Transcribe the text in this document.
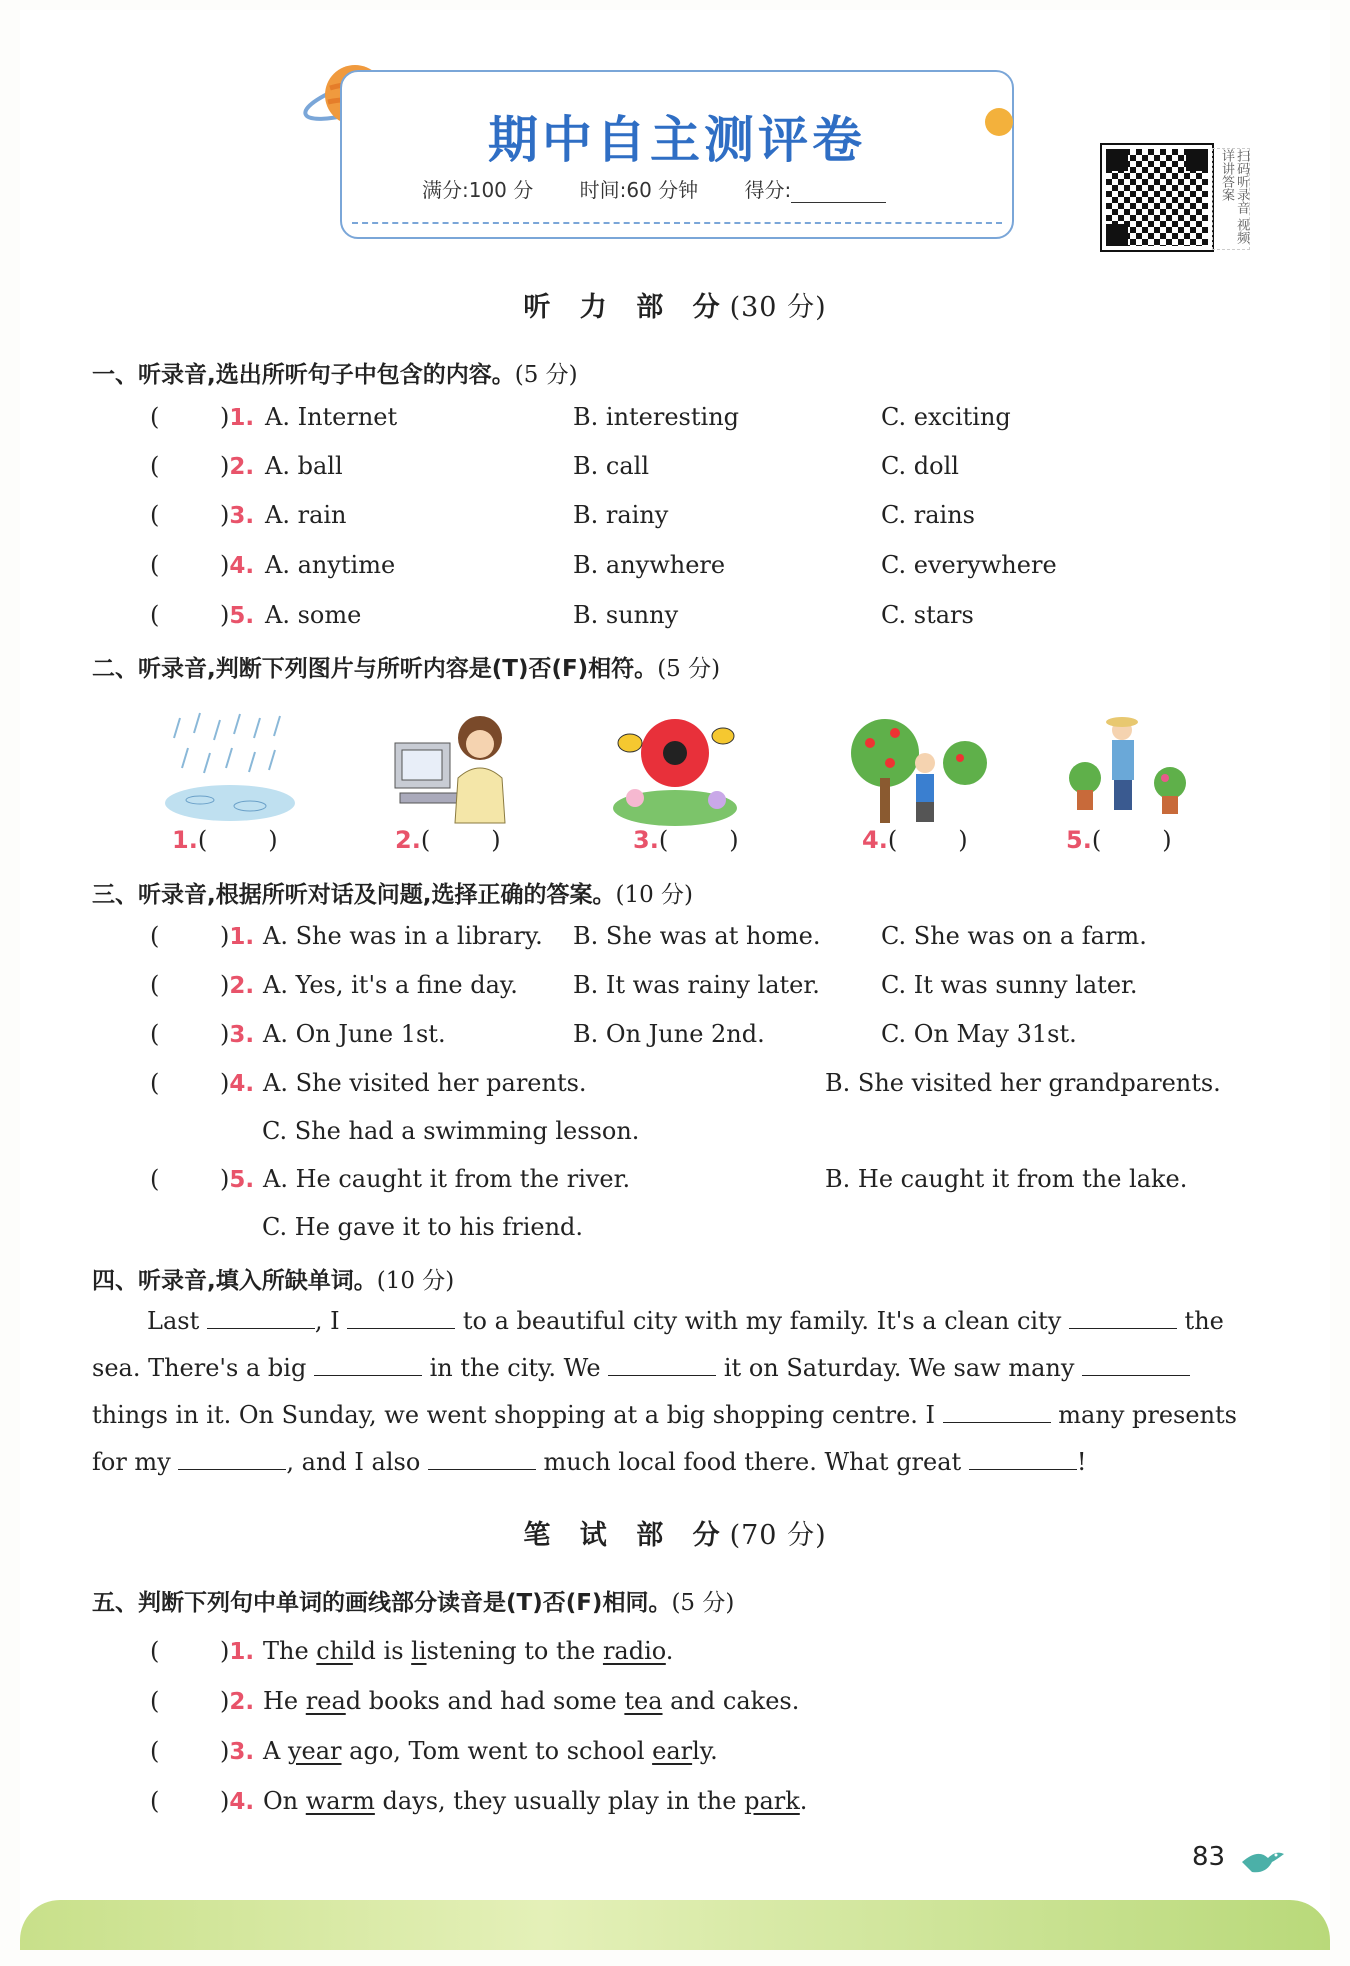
期中自主测评卷
满分:100 分 时间:60 分钟 得分:	扫码听录音 视频详讲答案
听 力 部 分(30 分)
一、听录音,选出所听句子中包含的内容。(5 分)
(	)1. A. Internet	B. interesting	C. exciting
(	)2. A. ball	B. call	C. doll
(	)3. A. rain	B. rainy	C. rains
(	)4. A. anytime	B. anywhere	C. everywhere
(	)5. A. some	B. sunny	C. stars
二、听录音,判断下列图片与所听内容是(T)否(F)相符。(5 分)
1.(        )	2.(        )	3.(        )	4.(        )	5.(        )
三、听录音,根据所听对话及问题,选择正确的答案。(10 分)
(	)1. A. She was in a library. B. She was at home.	C. She was on a farm.
(	)2. A. Yes, it's a fine day. B. It was rainy later.	C. It was sunny later.
(	)3. A. On June 1st.	B. On June 2nd.	C. On May 31st.
(	)4. A. She visited her parents.	B. She visited her grandparents.
C. She had a swimming lesson.
(	)5. A. He caught it from the river.	B. He caught it from the lake.
C. He gave it to his friend.
四、听录音,填入所缺单词。(10 分)
Last	, I	to a beautiful city with my family. It's a clean city	the
sea. There's a big	in the city. We	it on Saturday. We saw many
things in it. On Sunday, we went shopping at a big shopping centre. I	many presents
for my	, and I also	much local food there. What great	!
笔 试 部 分(70 分)
五、判断下列句中单词的画线部分读音是(T)否(F)相同。(5 分)
(	)1. The child is listening to the radio.
(	)2. He read books and had some tea and cakes.
(	)3. A year ago, Tom went to school early.
(	)4. On warm days, they usually play in the park.
83
